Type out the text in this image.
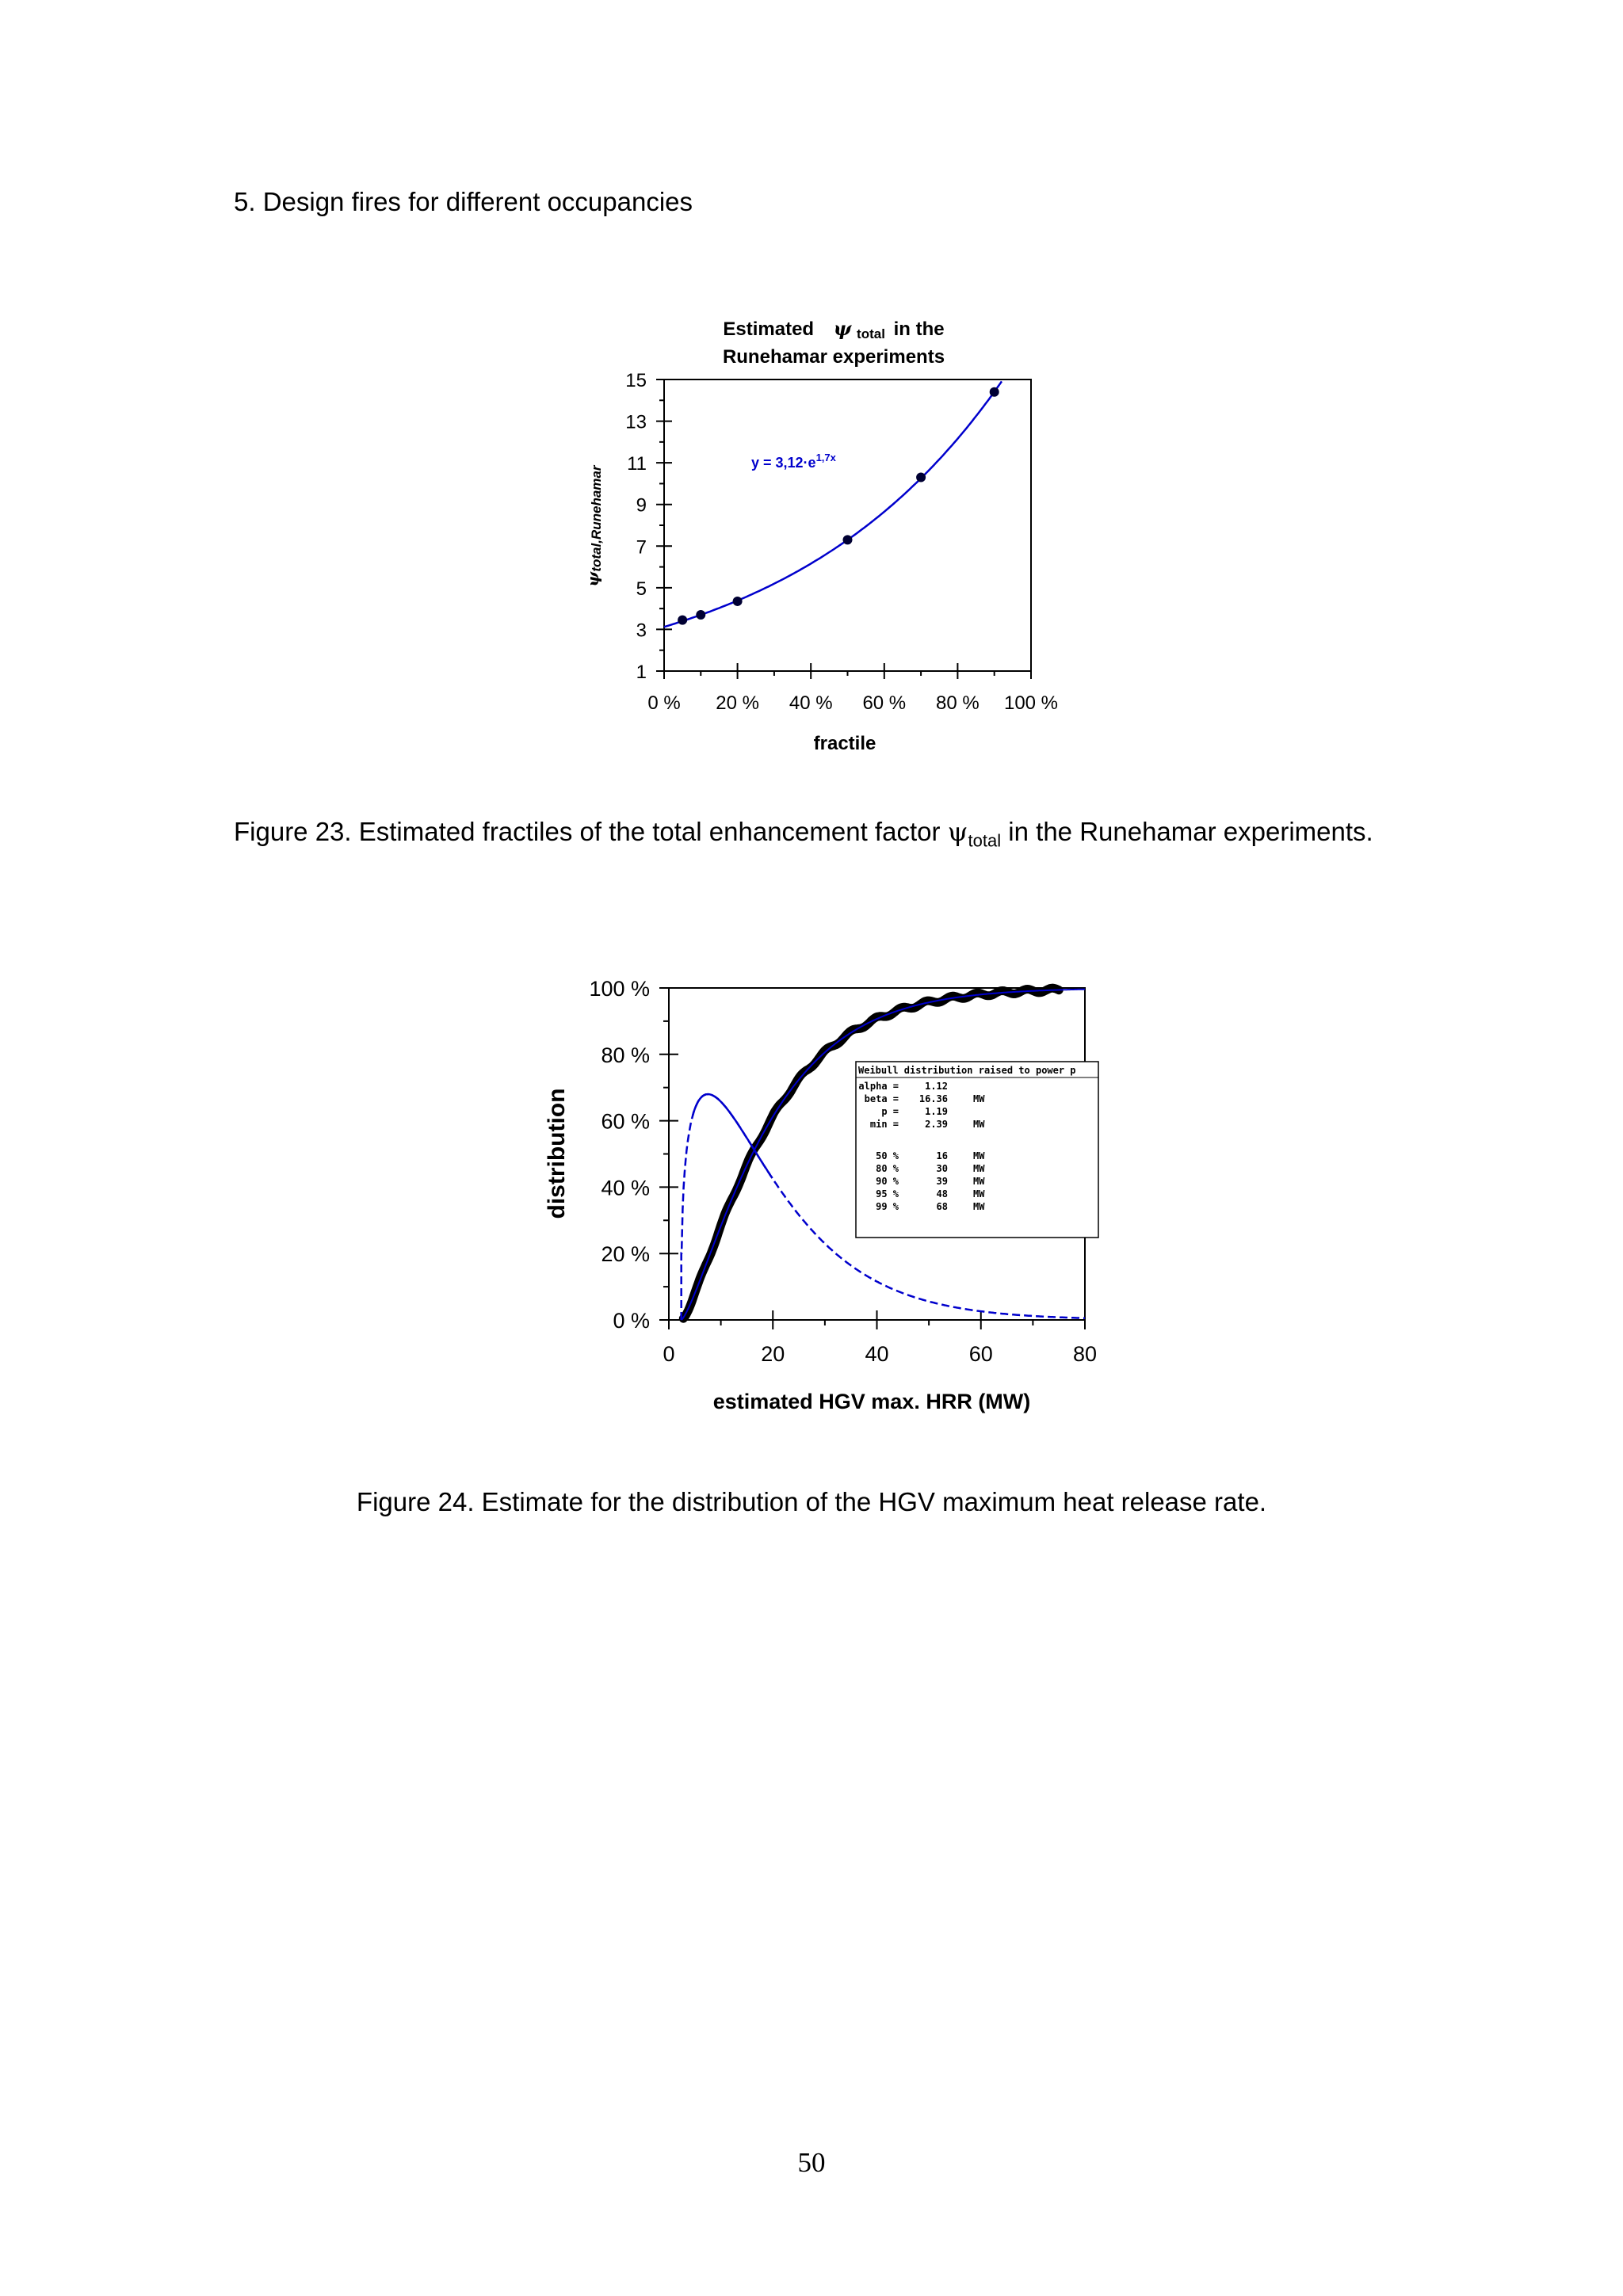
5. Design fires for different occupancies
Estimated ψ total in the
Runehamar experiments
1
3
5
7
9
11
13
15
0 % 20 % 40 % 60 % 80 % 100 %
$y = 3,12\cdot e^{1,7x}$
ψtotal,Runehamar
fractile
Figure 23. Estimated fractiles of the total enhancement factor $\psi_{total}$ in the Runehamar experiments.
0 %
20 %
40 %
60 %
80 %
100 %
0	20	40	60	80
Weibull distribution raised to power p
alpha =	1.12
beta = 16.36	MW
p =	1.19
min =	2.39	MW
50 %	16	MW
80 %	30	MW
90 %	39	MW
95 %	48	MW
99 %	68	MW
distribution
estimated HGV max. HRR (MW)
Figure 24. Estimate for the distribution of the HGV maximum heat release rate.
50
